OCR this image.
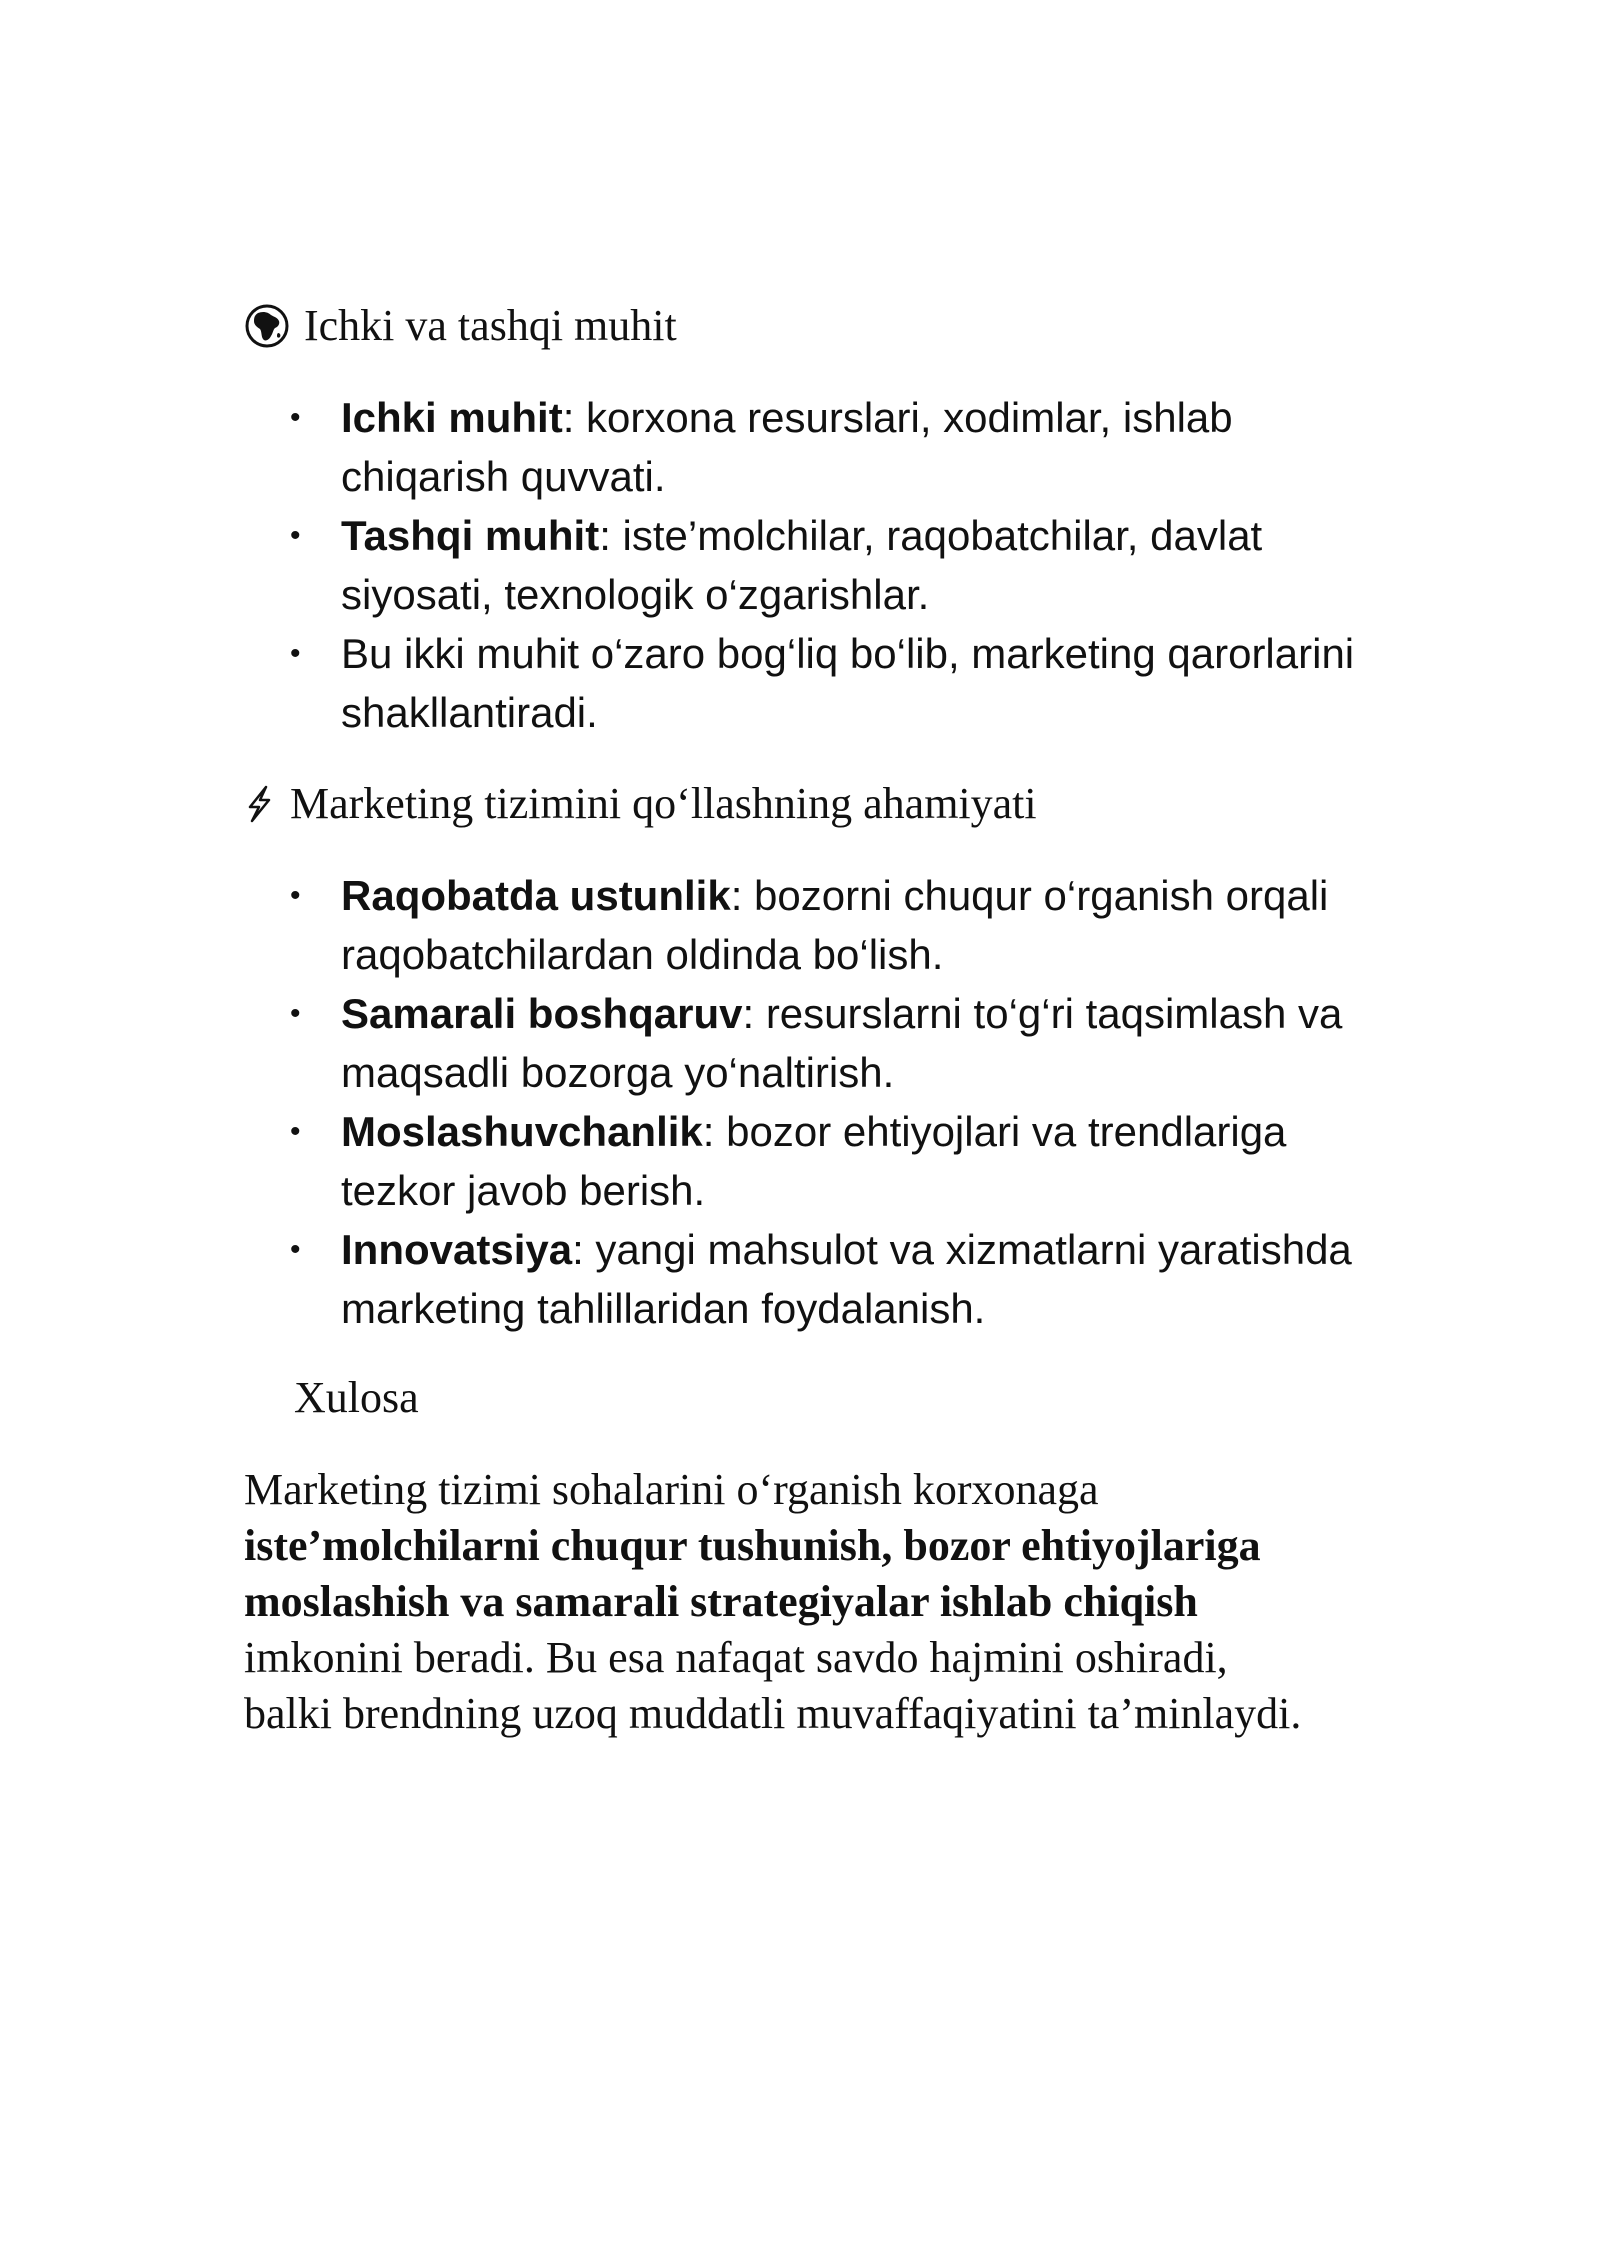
Ichki va tashqi muhit
• Ichki muhit: korxona resurslari, xodimlar, ishlab chiqarish quvvati.
• Tashqi muhit: iste’molchilar, raqobatchilar, davlat siyosati, texnologik o‘zgarishlar.
• Bu ikki muhit o‘zaro bog‘liq bo‘lib, marketing qarorlarini shakllantiradi.
Marketing tizimini qo‘llashning ahamiyati
• Raqobatda ustunlik: bozorni chuqur o‘rganish orqali raqobatchilardan oldinda bo‘lish.
• Samarali boshqaruv: resurslarni to‘g‘ri taqsimlash va maqsadli bozorga yo‘naltirish.
• Moslashuvchanlik: bozor ehtiyojlari va trendlariga tezkor javob berish.
• Innovatsiya: yangi mahsulot va xizmatlarni yaratishda marketing tahlillaridan foydalanish.
Xulosa

Marketing tizimi sohalarini o‘rganish korxonaga iste’molchilarni chuqur tushunish, bozor ehtiyojlariga moslashish va samarali strategiyalar ishlab chiqish imkonini beradi. Bu esa nafaqat savdo hajmini oshiradi, balki brendning uzoq muddatli muvaffaqiyatini ta’minlaydi.
